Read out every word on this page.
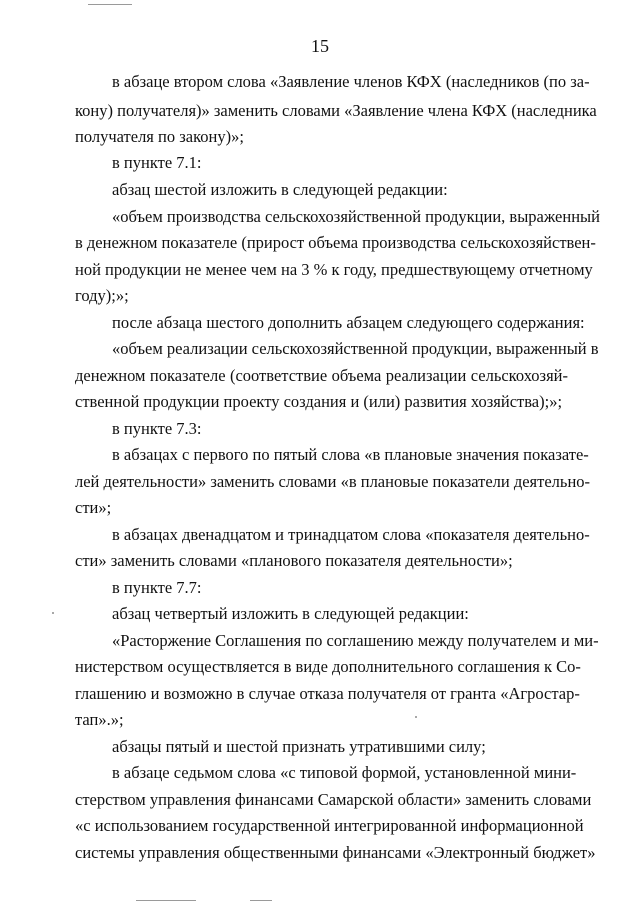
15
в абзаце втором слова «Заявление членов КФХ (наследников (по за-
кону) получателя)» заменить словами «Заявление члена КФХ (наследника
получателя по закону)»;
в пункте 7.1:
абзац шестой изложить в следующей редакции:
«объем производства сельскохозяйственной продукции, выраженный
в денежном показателе (прирост объема производства сельскохозяйствен-
ной продукции не менее чем на 3 % к году, предшествующему отчетному
году);»;
после абзаца шестого дополнить абзацем следующего содержания:
«объем реализации сельскохозяйственной продукции, выраженный в
денежном показателе (соответствие объема реализации сельскохозяй-
ственной продукции проекту создания и (или) развития хозяйства);»;
в пункте 7.3:
в абзацах с первого по пятый слова «в плановые значения показате-
лей деятельности» заменить словами «в плановые показатели деятельно-
сти»;
в абзацах двенадцатом и тринадцатом слова «показателя деятельно-
сти» заменить словами «планового показателя деятельности»;
в пункте 7.7:
абзац четвертый изложить в следующей редакции:
«Расторжение Соглашения по соглашению между получателем и ми-
нистерством осуществляется в виде дополнительного соглашения к Со-
глашению и возможно в случае отказа получателя от гранта «Агростар-
тап».»;
абзацы пятый и шестой признать утратившими силу;
в абзаце седьмом слова «с типовой формой, установленной мини-
стерством управления финансами Самарской области» заменить словами
«с использованием государственной интегрированной информационной
системы управления общественными финансами «Электронный бюджет»
